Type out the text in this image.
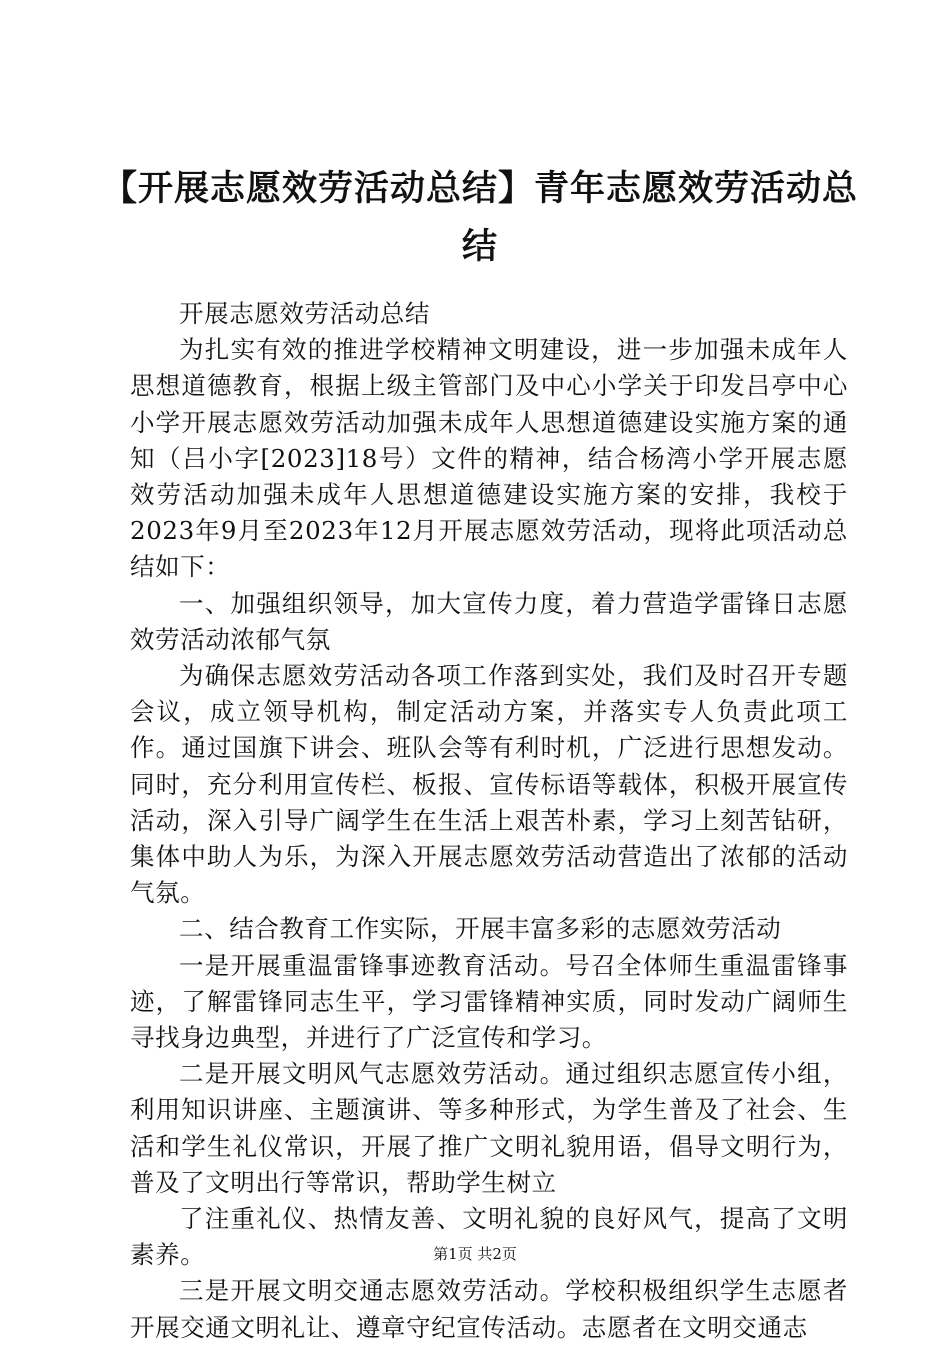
【开展志愿效劳活动总结】青年志愿效劳活动总结

开展志愿效劳活动总结

为扎实有效的推进学校精神文明建设，进一步加强未成年人思想道德教育，根据上级主管部门及中心小学关于印发吕亭中心小学开展志愿效劳活动加强未成年人思想道德建设实施方案的通知（吕小字[2023]18号）文件的精神，结合杨湾小学开展志愿效劳活动加强未成年人思想道德建设实施方案的安排，我校于2023年9月至2023年12月开展志愿效劳活动，现将此项活动总结如下：

一、加强组织领导，加大宣传力度，着力营造学雷锋日志愿效劳活动浓郁气氛

为确保志愿效劳活动各项工作落到实处，我们及时召开专题会议，成立领导机构，制定活动方案，并落实专人负责此项工作。通过国旗下讲会、班队会等有利时机，广泛进行思想发动。同时，充分利用宣传栏、板报、宣传标语等载体，积极开展宣传活动，深入引导广阔学生在生活上艰苦朴素，学习上刻苦钻研，集体中助人为乐，为深入开展志愿效劳活动营造出了浓郁的活动气氛。

二、结合教育工作实际，开展丰富多彩的志愿效劳活动

一是开展重温雷锋事迹教育活动。号召全体师生重温雷锋事迹，了解雷锋同志生平，学习雷锋精神实质，同时发动广阔师生寻找身边典型，并进行了广泛宣传和学习。

二是开展文明风气志愿效劳活动。通过组织志愿宣传小组，利用知识讲座、主题演讲、等多种形式，为学生普及了社会、生活和学生礼仪常识，开展了推广文明礼貌用语，倡导文明行为，普及了文明出行等常识，帮助学生树立

了注重礼仪、热情友善、文明礼貌的良好风气，提高了文明素养。

三是开展文明交通志愿效劳活动。学校积极组织学生志愿者开展交通文明礼让、遵章守纪宣传活动。志愿者在文明交通志

第1页 共2页
